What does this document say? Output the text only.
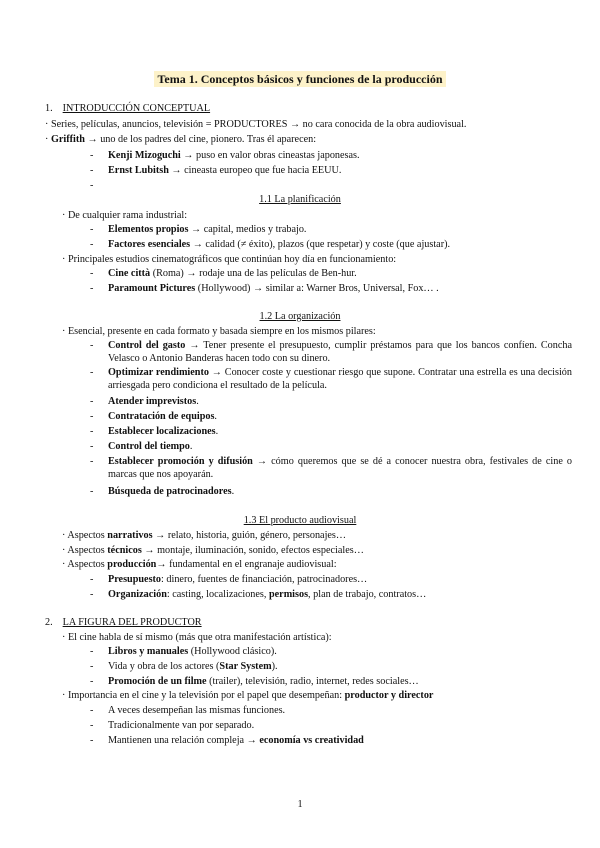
Tema 1. Conceptos básicos y funciones de la producción
1. INTRODUCCIÓN CONCEPTUAL
· Series, películas, anuncios, televisión = PRODUCTORES → no cara conocida de la obra audiovisual.
· Griffith → uno de los padres del cine, pionero. Tras él aparecen:
- Kenji Mizoguchi → puso en valor obras cineastas japonesas.
- Ernst Lubitsh → cineasta europeo que fue hacia EEUU.
-
1.1 La planificación
· De cualquier rama industrial:
- Elementos propios → capital, medios y trabajo.
- Factores esenciales → calidad (≠ éxito), plazos (que respetar) y coste (que ajustar).
· Principales estudios cinematográficos que continúan hoy día en funcionamiento:
- Cine città (Roma) → rodaje una de las películas de Ben-hur.
- Paramount Pictures (Hollywood) → similar a: Warner Bros, Universal, Fox… .
1.2 La organización
· Esencial, presente en cada formato y basada siempre en los mismos pilares:
-	Control del gasto → Tener presente el presupuesto, cumplir préstamos para que los bancos confíen. Concha Velasco o Antonio Banderas hacen todo con su dinero.
-	Optimizar rendimiento → Conocer coste y cuestionar riesgo que supone. Contratar una estrella es una decisión arriesgada pero condiciona el resultado de la película.
- Atender imprevistos.
- Contratación de equipos.
- Establecer localizaciones.
- Control del tiempo.
-	Establecer promoción y difusión → cómo queremos que se dé a conocer nuestra obra, festivales de cine o marcas que nos apoyarán.
- Búsqueda de patrocinadores.
1.3 El producto audiovisual
· Aspectos narrativos → relato, historia, guión, género, personajes…
· Aspectos técnicos → montaje, iluminación, sonido, efectos especiales…
· Aspectos producción→ fundamental en el engranaje audiovisual:
- Presupuesto: dinero, fuentes de financiación, patrocinadores…
- Organización: casting, localizaciones, permisos, plan de trabajo, contratos…
2. LA FIGURA DEL PRODUCTOR
· El cine habla de sí mismo (más que otra manifestación artística):
- Libros y manuales (Hollywood clásico).
- Vida y obra de los actores (Star System).
- Promoción de un filme (trailer), televisión, radio, internet, redes sociales…
· Importancia en el cine y la televisión por el papel que desempeñan: productor y director
- A veces desempeñan las mismas funciones.
- Tradicionalmente van por separado.
- Mantienen una relación compleja → economía vs creatividad
1
